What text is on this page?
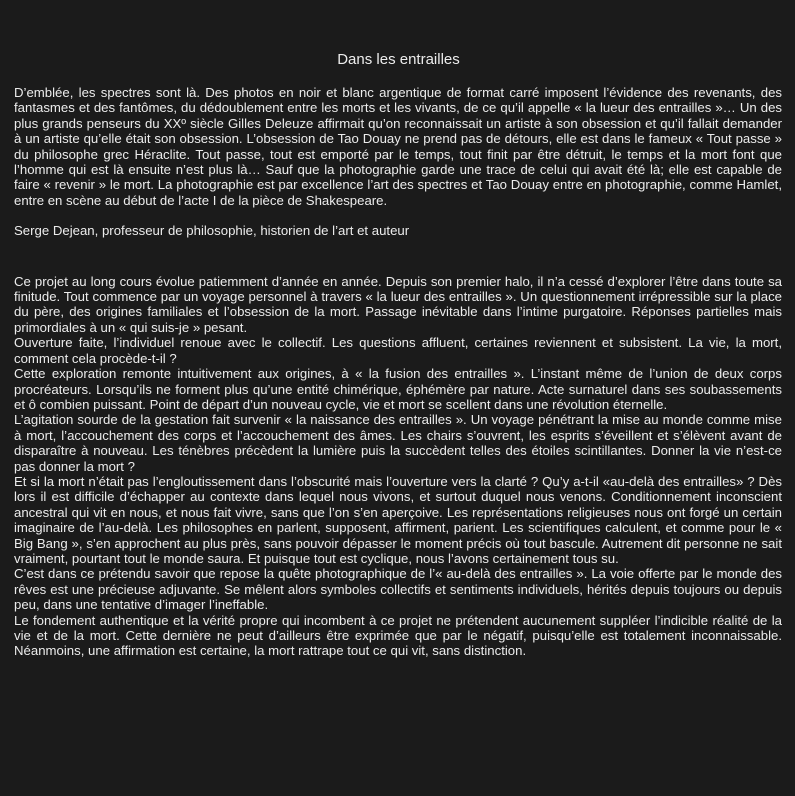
Dans les entrailles

D’emblée, les spectres sont là. Des photos en noir et blanc argentique de format carré imposent l’évidence des revenants, des fantasmes et des fantômes, du dédoublement entre les morts et les vivants, de ce qu’il appelle « la lueur des entrailles »… Un des plus grands penseurs du XXº siècle Gilles Deleuze affirmait qu’on reconnaissait un artiste à son obsession et qu’il fallait demander à un artiste qu’elle était son obsession. L’obsession de Tao Douay ne prend pas de détours, elle est dans le fameux « Tout passe » du philosophe grec Héraclite. Tout passe, tout est emporté par le temps, tout finit par être détruit, le temps et la mort font que l’homme qui est là ensuite n’est plus là… Sauf que la photographie garde une trace de celui qui avait été là; elle est capable de faire « revenir » le mort. La photographie est par excellence l’art des spectres et Tao Douay entre en photographie, comme Hamlet, entre en scène au début de l’acte I de la pièce de Shakespeare.

Serge Dejean, professeur de philosophie, historien de l’art et auteur

Ce projet au long cours évolue patiemment d’année en année. Depuis son premier halo, il n’a cessé d’explorer l’être dans toute sa finitude. Tout commence par un voyage personnel à travers « la lueur des entrailles ». Un questionnement irrépressible sur la place du père, des origines familiales et l’obsession de la mort. Passage inévitable dans l’intime purgatoire. Réponses partielles mais primordiales à un « qui suis-je » pesant.

Ouverture faite, l’individuel renoue avec le collectif. Les questions affluent, certaines reviennent et subsistent. La vie, la mort, comment cela procède-t-il ?

Cette exploration remonte intuitivement aux origines, à « la fusion des entrailles ». L’instant même de l’union de deux corps procréateurs. Lorsqu’ils ne forment plus qu’une entité chimérique, éphémère par nature. Acte surnaturel dans ses soubassements et ô combien puissant. Point de départ d’un nouveau cycle, vie et mort se scellent dans une révolution éternelle.

L’agitation sourde de la gestation fait survenir « la naissance des entrailles ». Un voyage pénétrant la mise au monde comme mise à mort, l’accouchement des corps et l’accouchement des âmes. Les chairs s’ouvrent, les esprits s’éveillent et s’élèvent avant de disparaître à nouveau. Les ténèbres précèdent la lumière puis la succèdent telles des étoiles scintillantes. Donner la vie n’est-ce pas donner la mort ?

Et si la mort n’était pas l’engloutissement dans l’obscurité mais l’ouverture vers la clarté ? Qu’y a-t-il «au-delà des entrailles» ? Dès lors il est difficile d’échapper au contexte dans lequel nous vivons, et surtout duquel nous venons. Conditionnement inconscient ancestral qui vit en nous, et nous fait vivre, sans que l’on s’en aperçoive. Les représentations religieuses nous ont forgé un certain imaginaire de l’au-delà. Les philosophes en parlent, supposent, affirment, parient. Les scientifiques calculent, et comme pour le « Big Bang », s’en approchent au plus près, sans pouvoir dépasser le moment précis où tout bascule. Autrement dit personne ne sait vraiment, pourtant tout le monde saura. Et puisque tout est cyclique, nous l’avons certainement tous su.

C’est dans ce prétendu savoir que repose la quête photographique de l’« au-delà des entrailles ». La voie offerte par le monde des rêves est une précieuse adjuvante. Se mêlent alors symboles collectifs et sentiments individuels, hérités depuis toujours ou depuis peu, dans une tentative d’imager l’ineffable.

Le fondement authentique et la vérité propre qui incombent à ce projet ne prétendent aucunement suppléer l’indicible réalité de la vie et de la mort. Cette dernière ne peut d’ailleurs être exprimée que par le négatif, puisqu’elle est totalement inconnaissable. Néanmoins, une affirmation est certaine, la mort rattrape tout ce qui vit, sans distinction.
